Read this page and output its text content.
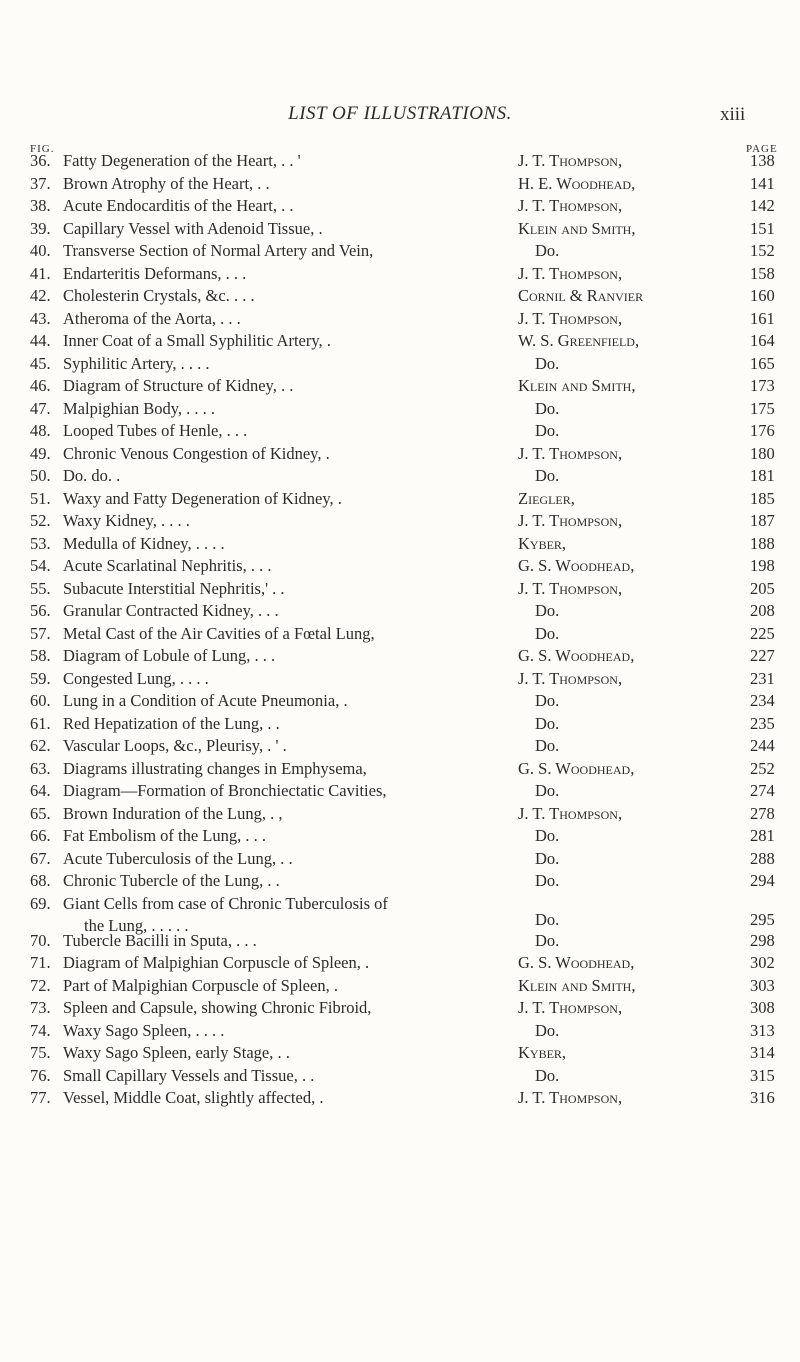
LIST OF ILLUSTRATIONS.	xiii
FIG.	PAGE
36. Fatty Degeneration of the Heart, . . '	J. T. Thompson,	138
37. Brown Atrophy of the Heart, . .	H. E. Woodhead,	141
38. Acute Endocarditis of the Heart, . .	J. T. Thompson,	142
39. Capillary Vessel with Adenoid Tissue, .	Klein and Smith,	151
40. Transverse Section of Normal Artery and Vein,	Do.	152
41. Endarteritis Deformans, . . .	J. T. Thompson,	158
42. Cholesterin Crystals, &c. . . .	Cornil & Ranvier	160
43. Atheroma of the Aorta, . . .	J. T. Thompson,	161
44. Inner Coat of a Small Syphilitic Artery, .	W. S. Greenfield,	164
45. Syphilitic Artery, . . . .	Do.	165
46. Diagram of Structure of Kidney, . .	Klein and Smith,	173
47. Malpighian Body, . . . .	Do.	175
48. Looped Tubes of Henle, . . .	Do.	176
49. Chronic Venous Congestion of Kidney, .	J. T. Thompson,	180
50. Do. do. .	Do.	181
51. Waxy and Fatty Degeneration of Kidney, .	Ziegler,	185
52. Waxy Kidney, . . . .	J. T. Thompson,	187
53. Medulla of Kidney, . . . .	Kyber,	188
54. Acute Scarlatinal Nephritis, . . .	G. S. Woodhead,	198
55. Subacute Interstitial Nephritis,' . .	J. T. Thompson,	205
56. Granular Contracted Kidney, . . .	Do.	208
57. Metal Cast of the Air Cavities of a Fœtal Lung,	Do.	225
58. Diagram of Lobule of Lung, . . .	G. S. Woodhead,	227
59. Congested Lung, . . . .	J. T. Thompson,	231
60. Lung in a Condition of Acute Pneumonia, .	Do.	234
61. Red Hepatization of the Lung, . .	Do.	235
62. Vascular Loops, &c., Pleurisy, . ' .	Do.	244
63. Diagrams illustrating changes in Emphysema,	G. S. Woodhead,	252
64. Diagram—Formation of Bronchiectatic Cavities,	Do.	274
65. Brown Induration of the Lung, . ,	J. T. Thompson,	278
66. Fat Embolism of the Lung, . . .	Do.	281
67. Acute Tuberculosis of the Lung, . .	Do.	288
68. Chronic Tubercle of the Lung, . .	Do.	294
69. Giant Cells from case of Chronic Tuberculosis of
the Lung, . . . . .	Do.	295
70. Tubercle Bacilli in Sputa, . . .	Do.	298
71. Diagram of Malpighian Corpuscle of Spleen, .	G. S. Woodhead,	302
72. Part of Malpighian Corpuscle of Spleen, .	Klein and Smith,	303
73. Spleen and Capsule, showing Chronic Fibroid,	J. T. Thompson,	308
74. Waxy Sago Spleen, . . . .	Do.	313
75. Waxy Sago Spleen, early Stage, . .	Kyber,	314
76. Small Capillary Vessels and Tissue, . .	Do.	315
77. Vessel, Middle Coat, slightly affected, .	J. T. Thompson,	316
